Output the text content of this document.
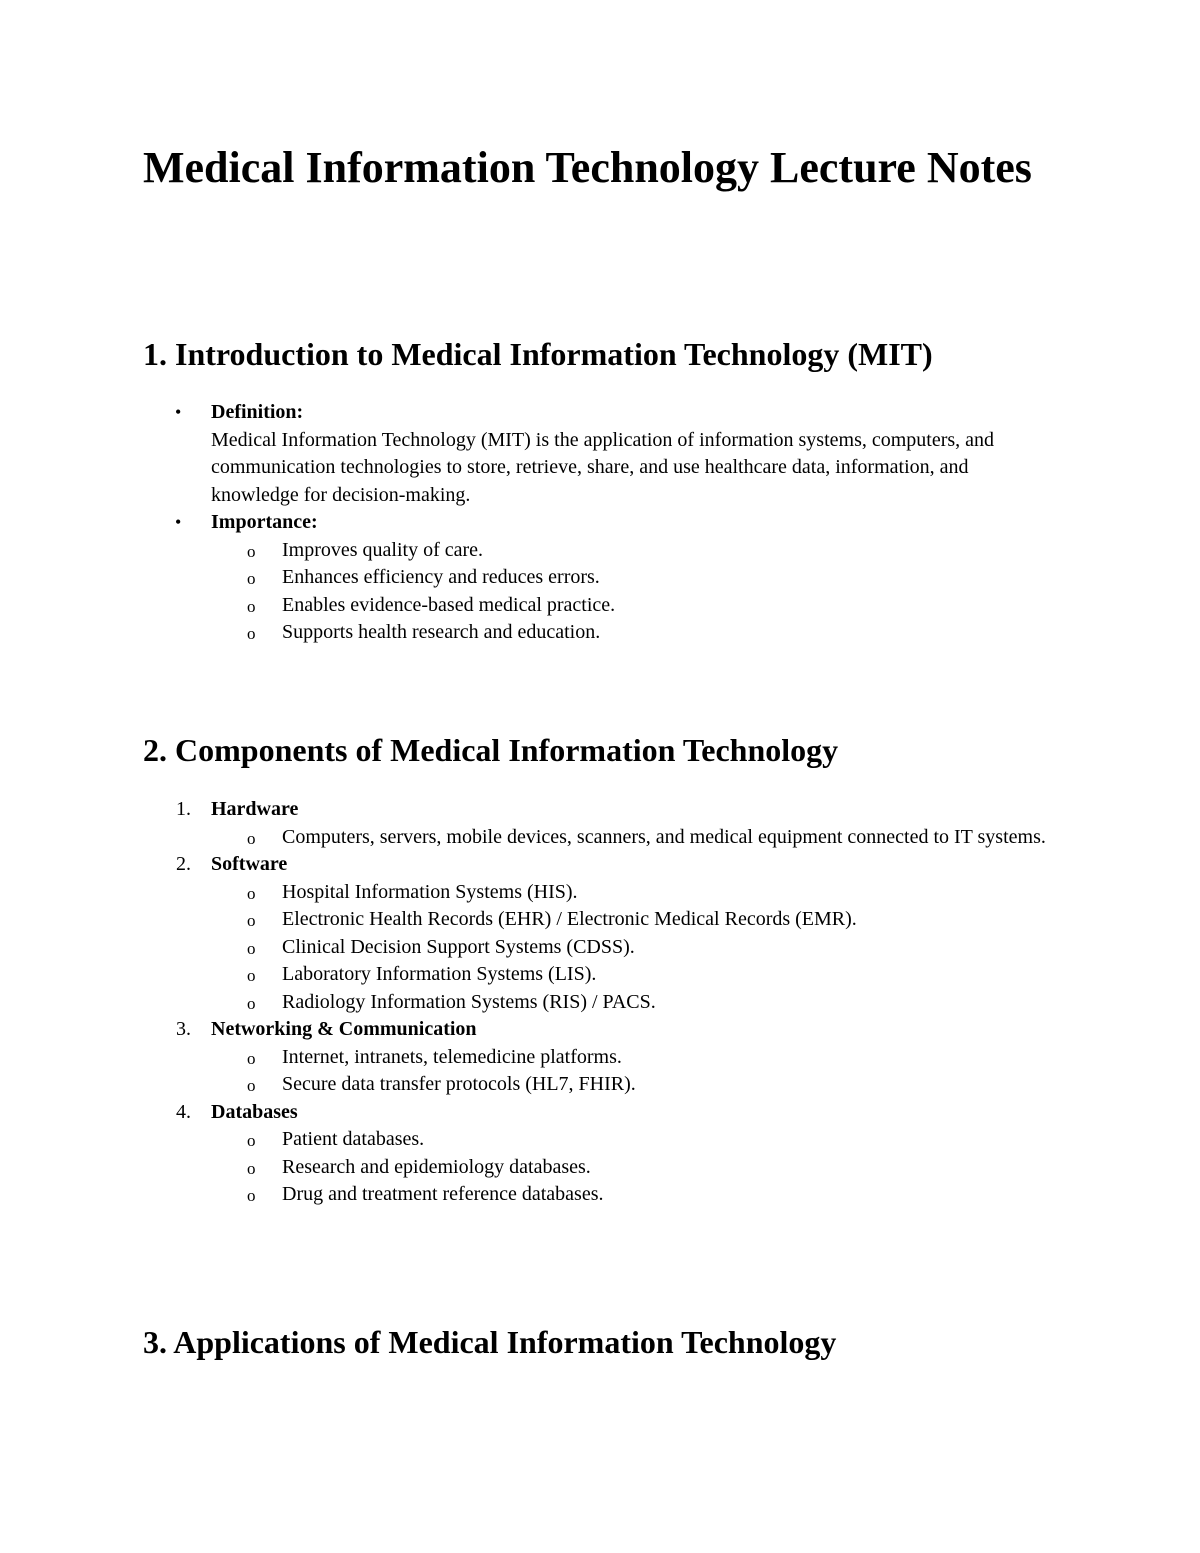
Medical Information Technology Lecture Notes
1. Introduction to Medical Information Technology (MIT)
•	Definition:
Medical Information Technology (MIT) is the application of information systems, computers, and communication technologies to store, retrieve, share, and use healthcare data, information, and knowledge for decision-making.
•	Importance:
o	Improves quality of care.
o	Enhances efficiency and reduces errors.
o	Enables evidence-based medical practice.
o	Supports health research and education.
2. Components of Medical Information Technology
1.	Hardware
o	Computers, servers, mobile devices, scanners, and medical equipment connected to IT systems.
2.	Software
o	Hospital Information Systems (HIS).
o	Electronic Health Records (EHR) / Electronic Medical Records (EMR).
o	Clinical Decision Support Systems (CDSS).
o	Laboratory Information Systems (LIS).
o	Radiology Information Systems (RIS) / PACS.
3.	Networking & Communication
o	Internet, intranets, telemedicine platforms.
o	Secure data transfer protocols (HL7, FHIR).
4.	Databases
o	Patient databases.
o	Research and epidemiology databases.
o	Drug and treatment reference databases.
3. Applications of Medical Information Technology
